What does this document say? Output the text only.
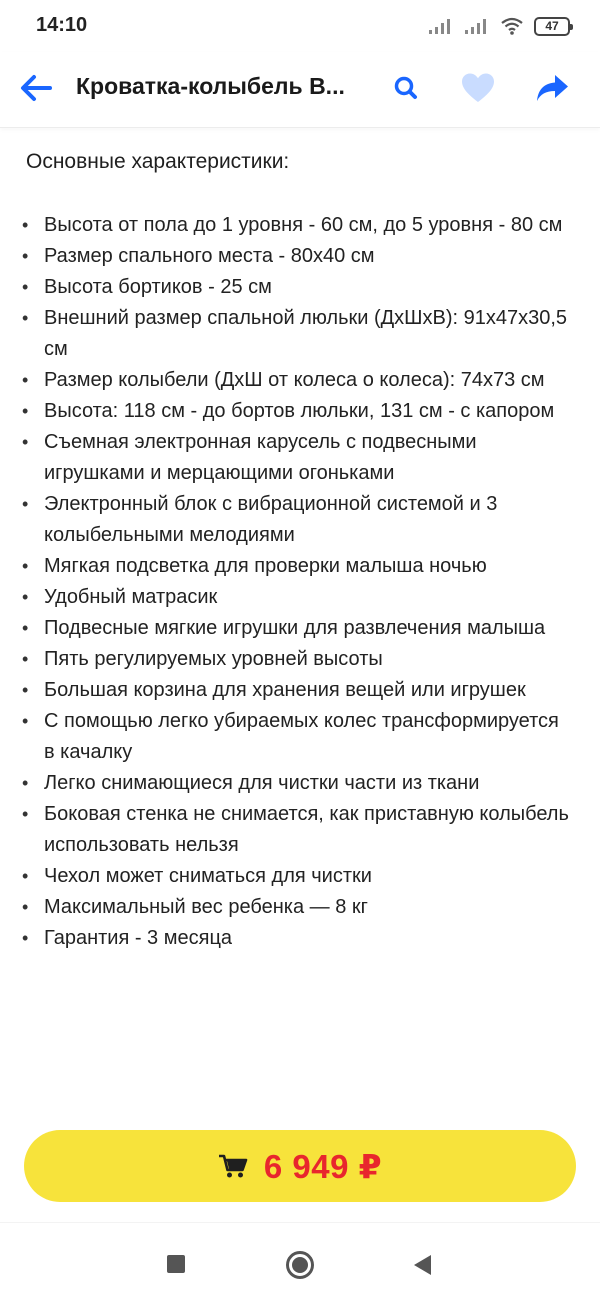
14:10	47
Кроватка-колыбель В...
Основные характеристики:
• Высота от пола до 1 уровня - 60 см, до 5 уровня - 80 см
• Размер спального места - 80х40 см
• Высота бортиков - 25 см
• Внешний размер спальной люльки (ДхШхВ): 91х47х30,5 см
• Размер колыбели (ДхШ от колеса о колеса): 74х73 см
• Высота: 118 см - до бортов люльки, 131 см - с капором
• Съемная электронная карусель с подвесными игрушками и мерцающими огоньками
• Электронный блок с вибрационной системой и 3 колыбельными мелодиями
• Мягкая подсветка для проверки малыша ночью
• Удобный матрасик
• Подвесные мягкие игрушки для развлечения малыша
• Пять регулируемых уровней высоты
• Большая корзина для хранения вещей или игрушек
• С помощью легко убираемых колес трансформируется в качалку
• Легко снимающиеся для чистки части из ткани
• Боковая стенка не снимается, как приставную колыбель использовать нельзя
• Чехол может сниматься для чистки
• Максимальный вес ребенка — 8 кг
• Гарантия - 3 месяца
6 949 ₽
